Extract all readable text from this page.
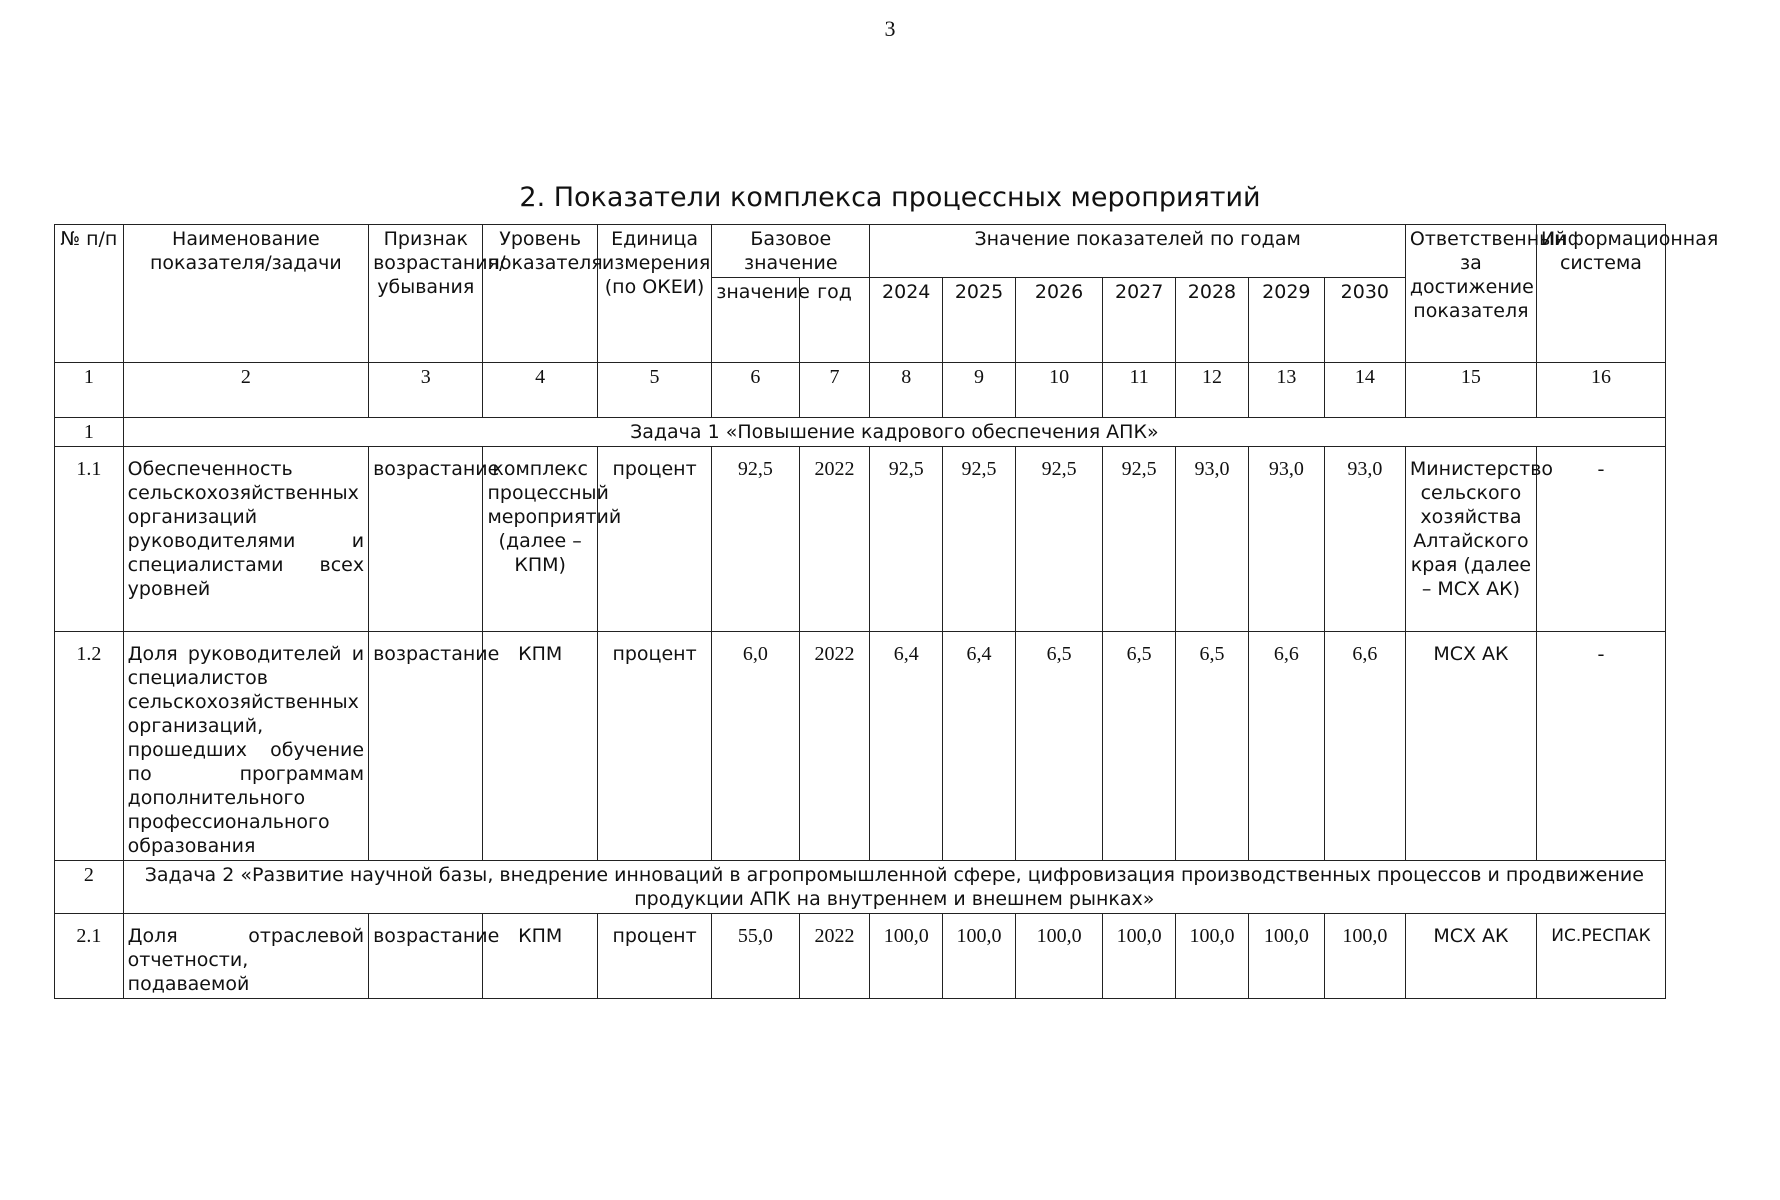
3
2. Показатели комплекса процессных мероприятий
№ п/п	Наименование показателя/задачи	Признак возрастания/ убывания	Уровень показателя	Единица измерения (по ОКЕИ)	Базовое значение		Значение показателей по годам							Ответственный за достижение показателя	Информационная система
					значение	год	2024	2025	2026	2027	2028	2029	2030		
1	2	3	4	5	6	7	8	9	10	11	12	13	14	15	16
1	Задача 1 «Повышение кадрового обеспечения АПК»														
1.1	Обеспеченность сельскохозяйственных организаций руководителями и специалистами всех уровней	возрастание	комплекс процессный мероприятий (далее – КПМ)	процент	92,5	2022	92,5	92,5	92,5	92,5	93,0	93,0	93,0	Министерство сельского хозяйства Алтайского края (далее – МСХ АК)	-
1.2	Доля руководителей и специалистов сельскохозяйственных организаций, прошедших обучение по программам дополнительного профессионального образования	возрастание	КПМ	процент	6,0	2022	6,4	6,4	6,5	6,5	6,5	6,6	6,6	МСХ АК	-
2	Задача 2 «Развитие научной базы, внедрение инноваций в агропромышленной сфере, цифровизация производственных процессов и продвижение продукции АПК на внутреннем и внешнем рынках»														
2.1	Доля отраслевой отчетности, подаваемой	возрастание	КПМ	процент	55,0	2022	100,0	100,0	100,0	100,0	100,0	100,0	100,0	МСХ АК	ИС.РЕСПАК
